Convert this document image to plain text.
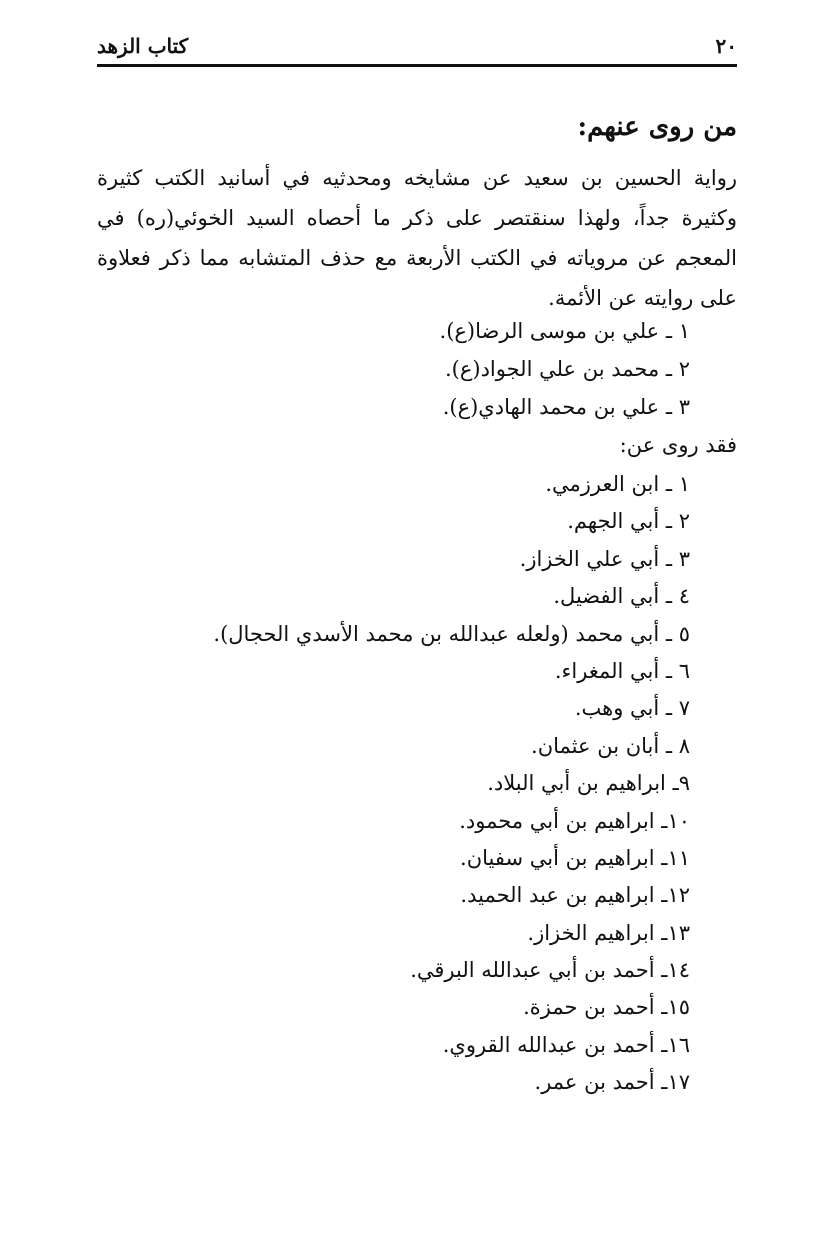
٢٠
كتاب الزهد
من روى عنهم:

رواية الحسين بن سعيد عن مشايخه ومحدثيه في أسانيد الكتب كثيرة وكثيرة جداً، ولهذا سنقتصر على ذكر ما أحصاه السيد الخوئي(ره) في المعجم عن مروياته في الكتب الأربعة مع حذف المتشابه مما ذكر فعلاوة على روايته عن الأئمة.

١ ـ علي بن موسى الرضا(ع).
٢ ـ محمد بن علي الجواد(ع).
٣ ـ علي بن محمد الهادي(ع).
فقد روى عن:
١ ـ ابن العرزمي.
٢ ـ أبي الجهم.
٣ ـ أبي علي الخزاز.
٤ ـ أبي الفضيل.
٥ ـ أبي محمد (ولعله عبدالله بن محمد الأسدي الحجال).
٦ ـ أبي المغراء.
٧ ـ أبي وهب.
٨ ـ أبان بن عثمان.
٩ـ ابراهيم بن أبي البلاد.
١٠ـ ابراهيم بن أبي محمود.
١١ـ ابراهيم بن أبي سفيان.
١٢ـ ابراهيم بن عبد الحميد.
١٣ـ ابراهيم الخزاز.
١٤ـ أحمد بن أبي عبدالله البرقي.
١٥ـ أحمد بن حمزة.
١٦ـ أحمد بن عبدالله القروي.
١٧ـ أحمد بن عمر.
